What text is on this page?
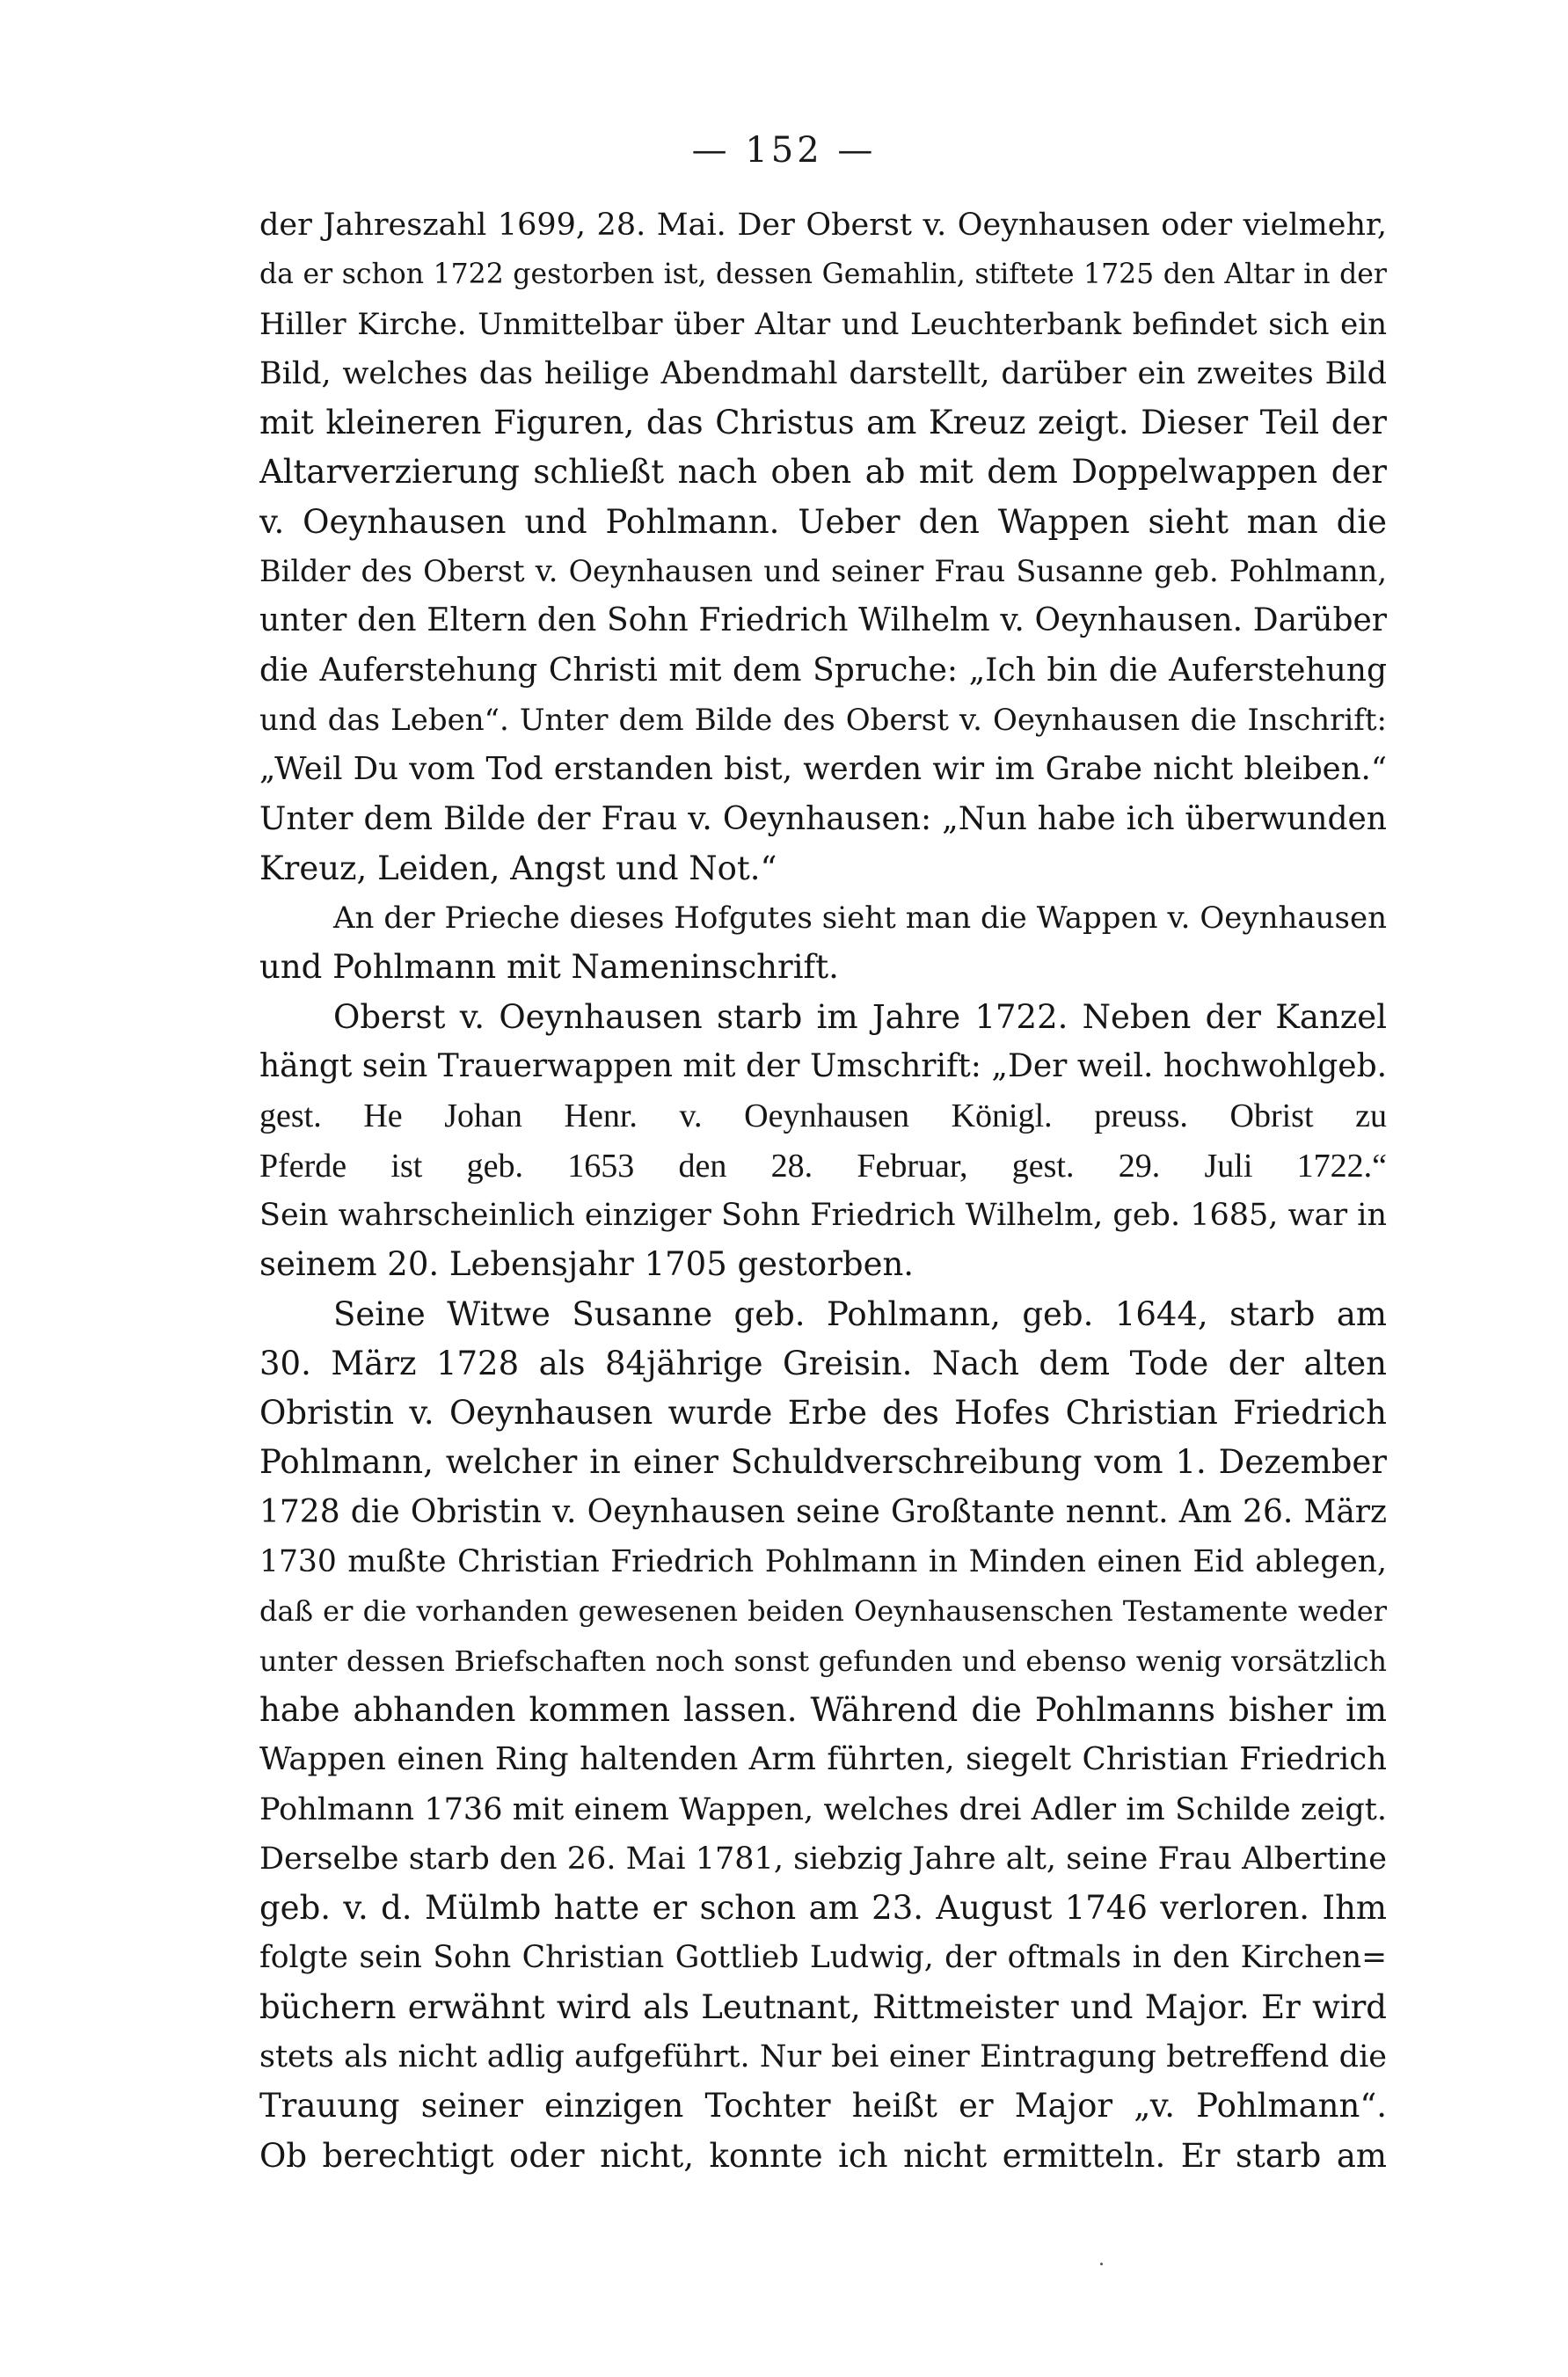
— 152 —
der Jahreszahl 1699, 28. Mai. Der Oberst v. Oeynhausen oder vielmehr,
da er schon 1722 gestorben ist, dessen Gemahlin, stiftete 1725 den Altar in der
Hiller Kirche. Unmittelbar über Altar und Leuchterbank befindet sich ein
Bild, welches das heilige Abendmahl darstellt, darüber ein zweites Bild
mit kleineren Figuren, das Christus am Kreuz zeigt. Dieser Teil der
Altarverzierung schließt nach oben ab mit dem Doppelwappen der
v. Oeynhausen und Pohlmann. Ueber den Wappen sieht man die
Bilder des Oberst v. Oeynhausen und seiner Frau Susanne geb. Pohlmann,
unter den Eltern den Sohn Friedrich Wilhelm v. Oeynhausen. Darüber
die Auferstehung Christi mit dem Spruche: „Ich bin die Auferstehung
und das Leben“. Unter dem Bilde des Oberst v. Oeynhausen die Inschrift:
„Weil Du vom Tod erstanden bist, werden wir im Grabe nicht bleiben.“
Unter dem Bilde der Frau v. Oeynhausen: „Nun habe ich überwunden
Kreuz, Leiden, Angst und Not.“
An der Prieche dieses Hofgutes sieht man die Wappen v. Oeynhausen
und Pohlmann mit Nameninschrift.
Oberst v. Oeynhausen starb im Jahre 1722. Neben der Kanzel
hängt sein Trauerwappen mit der Umschrift: „Der weil. hochwohlgeb.
gest. He Johan Henr. v. Oeynhausen Königl. preuss. Obrist zu
Pferde ist geb. 1653 den 28. Februar, gest. 29. Juli 1722.“
Sein wahrscheinlich einziger Sohn Friedrich Wilhelm, geb. 1685, war in
seinem 20. Lebensjahr 1705 gestorben.
Seine Witwe Susanne geb. Pohlmann, geb. 1644, starb am
30. März 1728 als 84jährige Greisin. Nach dem Tode der alten
Obristin v. Oeynhausen wurde Erbe des Hofes Christian Friedrich
Pohlmann, welcher in einer Schuldverschreibung vom 1. Dezember
1728 die Obristin v. Oeynhausen seine Großtante nennt. Am 26. März
1730 mußte Christian Friedrich Pohlmann in Minden einen Eid ablegen,
daß er die vorhanden gewesenen beiden Oeynhausenschen Testamente weder
unter dessen Briefschaften noch sonst gefunden und ebenso wenig vorsätzlich
habe abhanden kommen lassen. Während die Pohlmanns bisher im
Wappen einen Ring haltenden Arm führten, siegelt Christian Friedrich
Pohlmann 1736 mit einem Wappen, welches drei Adler im Schilde zeigt.
Derselbe starb den 26. Mai 1781, siebzig Jahre alt, seine Frau Albertine
geb. v. d. Mülmb hatte er schon am 23. August 1746 verloren. Ihm
folgte sein Sohn Christian Gottlieb Ludwig, der oftmals in den Kirchen=
büchern erwähnt wird als Leutnant, Rittmeister und Major. Er wird
stets als nicht adlig aufgeführt. Nur bei einer Eintragung betreffend die
Trauung seiner einzigen Tochter heißt er Major „v. Pohlmann“.
Ob berechtigt oder nicht, konnte ich nicht ermitteln. Er starb am
